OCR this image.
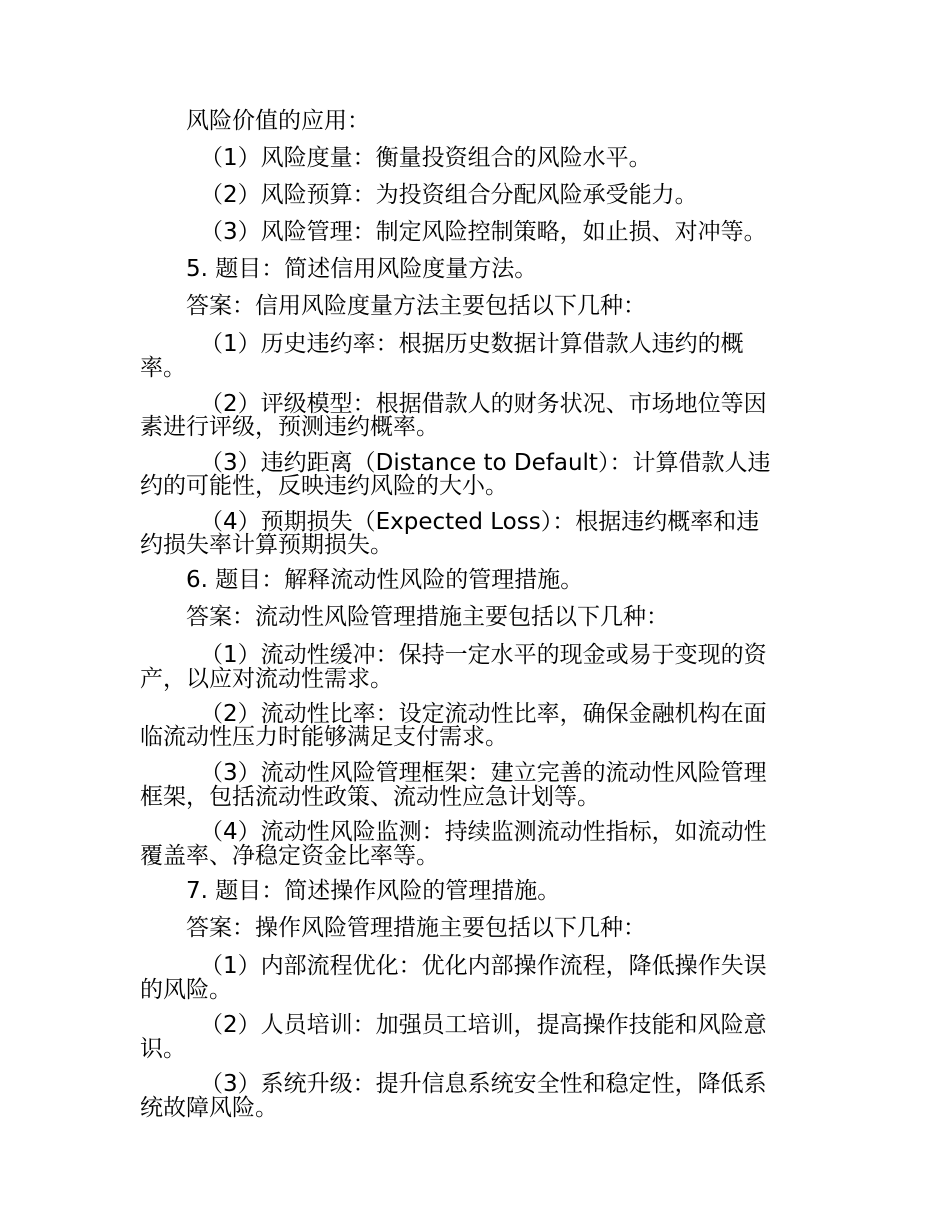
风险价值的应用：
（1）风险度量：衡量投资组合的风险水平。
（2）风险预算：为投资组合分配风险承受能力。
（3）风险管理：制定风险控制策略，如止损、对冲等。
5. 题目：简述信用风险度量方法。
答案：信用风险度量方法主要包括以下几种：
（1）历史违约率：根据历史数据计算借款人违约的概
率。
（2）评级模型：根据借款人的财务状况、市场地位等因
素进行评级，预测违约概率。
（3）违约距离（Distance to Default）：计算借款人违
约的可能性，反映违约风险的大小。
（4）预期损失（Expected Loss）：根据违约概率和违
约损失率计算预期损失。
6. 题目：解释流动性风险的管理措施。
答案：流动性风险管理措施主要包括以下几种：
（1）流动性缓冲：保持一定水平的现金或易于变现的资
产，以应对流动性需求。
（2）流动性比率：设定流动性比率，确保金融机构在面
临流动性压力时能够满足支付需求。
（3）流动性风险管理框架：建立完善的流动性风险管理
框架，包括流动性政策、流动性应急计划等。
（4）流动性风险监测：持续监测流动性指标，如流动性
覆盖率、净稳定资金比率等。
7. 题目：简述操作风险的管理措施。
答案：操作风险管理措施主要包括以下几种：
（1）内部流程优化：优化内部操作流程，降低操作失误
的风险。
（2）人员培训：加强员工培训，提高操作技能和风险意
识。
（3）系统升级：提升信息系统安全性和稳定性，降低系
统故障风险。
